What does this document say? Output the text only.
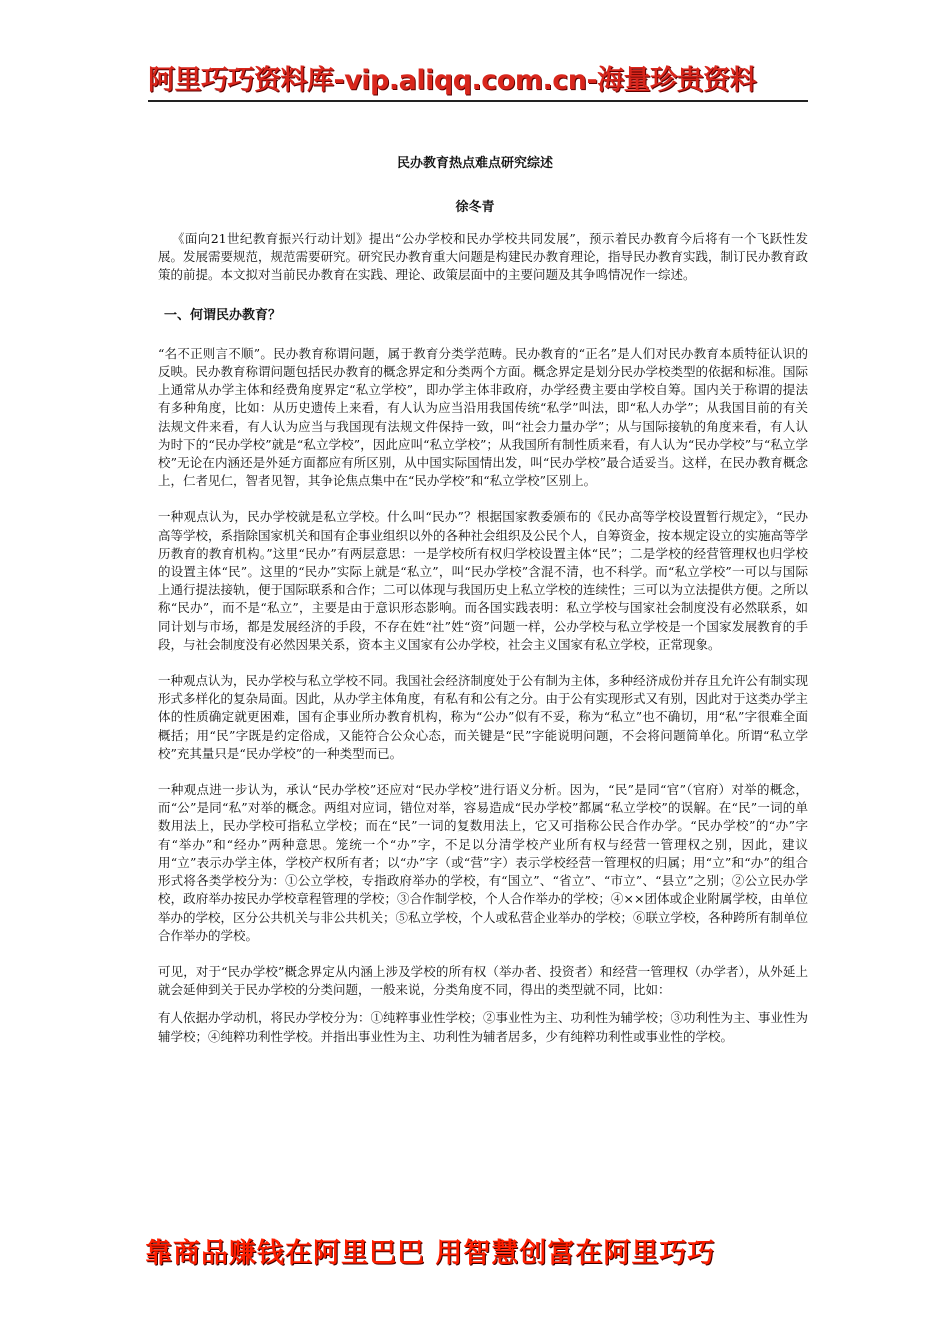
阿里巧巧资料库-vip.aliqq.com.cn-海量珍贵资料
民办教育热点难点研究综述
徐冬青

《面向21世纪教育振兴行动计划》提出“公办学校和民办学校共同发展”，预示着民办教育今后将有一个飞跃性发展。发展需要规范，规范需要研究。研究民办教育重大问题是构建民办教育理论，指导民办教育实践，制订民办教育政策的前提。本文拟对当前民办教育在实践、理论、政策层面中的主要问题及其争鸣情况作一综述。

一、何谓民办教育？

“名不正则言不顺”。民办教育称谓问题，属于教育分类学范畴。民办教育的“正名”是人们对民办教育本质特征认识的反映。民办教育称谓问题包括民办教育的概念界定和分类两个方面。概念界定是划分民办学校类型的依据和标准。国际上通常从办学主体和经费角度界定“私立学校”，即办学主体非政府，办学经费主要由学校自筹。国内关于称谓的提法有多种角度，比如：从历史遗传上来看，有人认为应当沿用我国传统“私学”叫法，即“私人办学”；从我国目前的有关法规文件来看，有人认为应当与我国现有法规文件保持一致，叫“社会力量办学”；从与国际接轨的角度来看，有人认为时下的“民办学校”就是“私立学校”，因此应叫“私立学校”；从我国所有制性质来看，有人认为“民办学校”与“私立学校”无论在内涵还是外延方面都应有所区别，从中国实际国情出发，叫“民办学校”最合适妥当。这样，在民办教育概念上，仁者见仁，智者见智，其争论焦点集中在“民办学校”和“私立学校”区别上。

一种观点认为，民办学校就是私立学校。什么叫“民办”？根据国家教委颁布的《民办高等学校设置暂行规定》，“民办高等学校，系指除国家机关和国有企事业组织以外的各种社会组织及公民个人，自筹资金，按本规定设立的实施高等学历教育的教育机构。”这里“民办”有两层意思：一是学校所有权归学校设置主体“民”；二是学校的经营管理权也归学校的设置主体“民”。这里的“民办”实际上就是“私立”，叫“民办学校”含混不清，也不科学。而“私立学校”一可以与国际上通行提法接轨，便于国际联系和合作；二可以体现与我国历史上私立学校的连续性；三可以为立法提供方便。之所以称“民办”，而不是“私立”，主要是由于意识形态影响。而各国实践表明：私立学校与国家社会制度没有必然联系，如同计划与市场，都是发展经济的手段，不存在姓“社”姓“资”问题一样，公办学校与私立学校是一个国家发展教育的手段，与社会制度没有必然因果关系，资本主义国家有公办学校，社会主义国家有私立学校，正常现象。

一种观点认为，民办学校与私立学校不同。我国社会经济制度处于公有制为主体，多种经济成份并存且允许公有制实现形式多样化的复杂局面。因此，从办学主体角度，有私有和公有之分。由于公有实现形式又有别，因此对于这类办学主体的性质确定就更困难，国有企事业所办教育机构，称为“公办”似有不妥，称为“私立”也不确切，用“私”字很难全面概括；用“民”字既是约定俗成，又能符合公众心态，而关键是“民”字能说明问题，不会将问题简单化。所谓“私立学校”充其量只是“民办学校”的一种类型而已。

一种观点进一步认为，承认“民办学校”还应对“民办学校”进行语义分析。因为，“民”是同“官”（官府）对举的概念，而“公”是同“私”对举的概念。两组对应词，错位对举，容易造成“民办学校”都属“私立学校”的误解。在“民”一词的单数用法上，民办学校可指私立学校；而在“民”一词的复数用法上，它又可指称公民合作办学。“民办学校”的“办”字有“举办”和“经办”两种意思。笼统一个“办”字，不足以分清学校产业所有权与经营一管理权之别，因此，建议用“立”表示办学主体，学校产权所有者；以“办”字（或“营”字）表示学校经营一管理权的归属；用“立”和“办”的组合形式将各类学校分为：①公立学校，专指政府举办的学校，有“国立”、“省立”、“市立”、“县立”之别；②公立民办学校，政府举办按民办学校章程管理的学校；③合作制学校，个人合作举办的学校；④××团体或企业附属学校，由单位举办的学校，区分公共机关与非公共机关；⑤私立学校，个人或私营企业举办的学校；⑥联立学校，各种跨所有制单位合作举办的学校。

可见，对于“民办学校”概念界定从内涵上涉及学校的所有权（举办者、投资者）和经营一管理权（办学者），从外延上就会延伸到关于民办学校的分类问题，一般来说，分类角度不同，得出的类型就不同，比如：

有人依据办学动机，将民办学校分为：①纯粹事业性学校；②事业性为主、功利性为辅学校；③功利性为主、事业性为辅学校；④纯粹功利性学校。并指出事业性为主、功利性为辅者居多，少有纯粹功利性或事业性的学校。

靠商品赚钱在阿里巴巴 用智慧创富在阿里巧巧
